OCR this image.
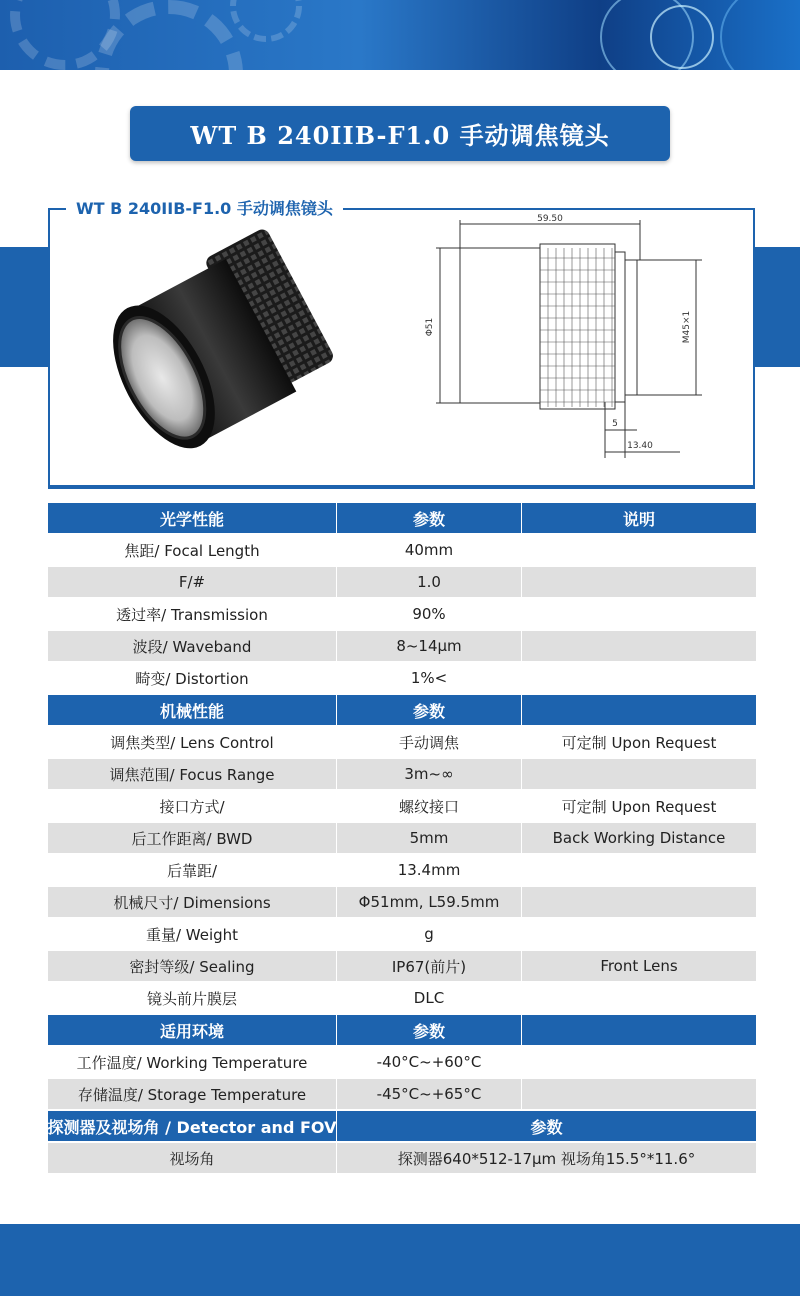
WT B 240IIB-F1.0 手动调焦镜头
WT B 240IIB-F1.0 手动调焦镜头
59.50
Φ51	M45×1
5
13.40
光学性能	参数	说明
焦距/ Focal Length	40mm
F/#	1.0
透过率/ Transmission	90%
波段/ Waveband	8~14μm
畸变/ Distortion	1%<
机械性能	参数
调焦类型/ Lens Control	手动调焦	可定制 Upon Request
调焦范围/ Focus Range	3m~∞
接口方式/	螺纹接口	可定制 Upon Request
后工作距离/ BWD	5mm	Back Working Distance
后靠距/	13.4mm
机械尺寸/ Dimensions	Φ51mm, L59.5mm
重量/ Weight	g
密封等级/ Sealing	IP67(前片)	Front Lens
镜头前片膜层	DLC
适用环境	参数
工作温度/ Working Temperature	-40°C~+60°C
存储温度/ Storage Temperature	-45°C~+65°C
探测器及视场角 / Detector and FOV	参数
视场角	探测器640*512-17μm 视场角15.5°*11.6°
